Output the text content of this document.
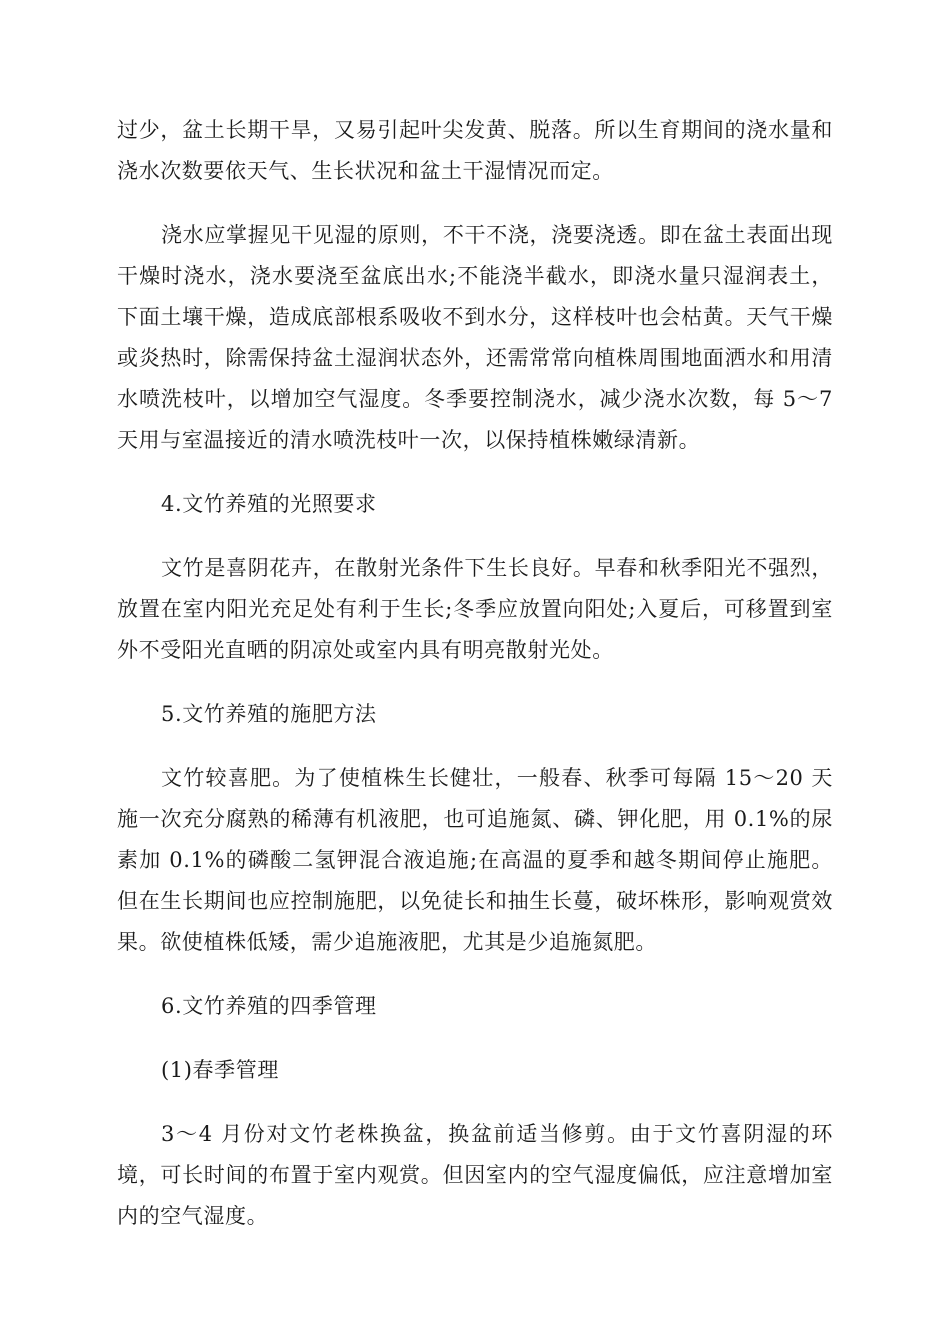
过少，盆土长期干旱，又易引起叶尖发黄、脱落。所以生育期间的浇水量和浇水次数要依天气、生长状况和盆土干湿情况而定。

浇水应掌握见干见湿的原则，不干不浇，浇要浇透。即在盆土表面出现干燥时浇水，浇水要浇至盆底出水;不能浇半截水，即浇水量只湿润表土，下面土壤干燥，造成底部根系吸收不到水分，这样枝叶也会枯黄。天气干燥或炎热时，除需保持盆土湿润状态外，还需常常向植株周围地面洒水和用清水喷洗枝叶，以增加空气湿度。冬季要控制浇水，减少浇水次数，每 5～7 天用与室温接近的清水喷洗枝叶一次，以保持植株嫩绿清新。

4.文竹养殖的光照要求

文竹是喜阴花卉，在散射光条件下生长良好。早春和秋季阳光不强烈，放置在室内阳光充足处有利于生长;冬季应放置向阳处;入夏后，可移置到室外不受阳光直晒的阴凉处或室内具有明亮散射光处。

5.文竹养殖的施肥方法

文竹较喜肥。为了使植株生长健壮，一般春、秋季可每隔 15～20 天施一次充分腐熟的稀薄有机液肥，也可追施氮、磷、钾化肥，用 0.1%的尿素加 0.1%的磷酸二氢钾混合液追施;在高温的夏季和越冬期间停止施肥。但在生长期间也应控制施肥，以免徒长和抽生长蔓，破坏株形，影响观赏效果。欲使植株低矮，需少追施液肥，尤其是少追施氮肥。

6.文竹养殖的四季管理

(1)春季管理

3～4 月份对文竹老株换盆，换盆前适当修剪。由于文竹喜阴湿的环境，可长时间的布置于室内观赏。但因室内的空气湿度偏低，应注意增加室内的空气湿度。
